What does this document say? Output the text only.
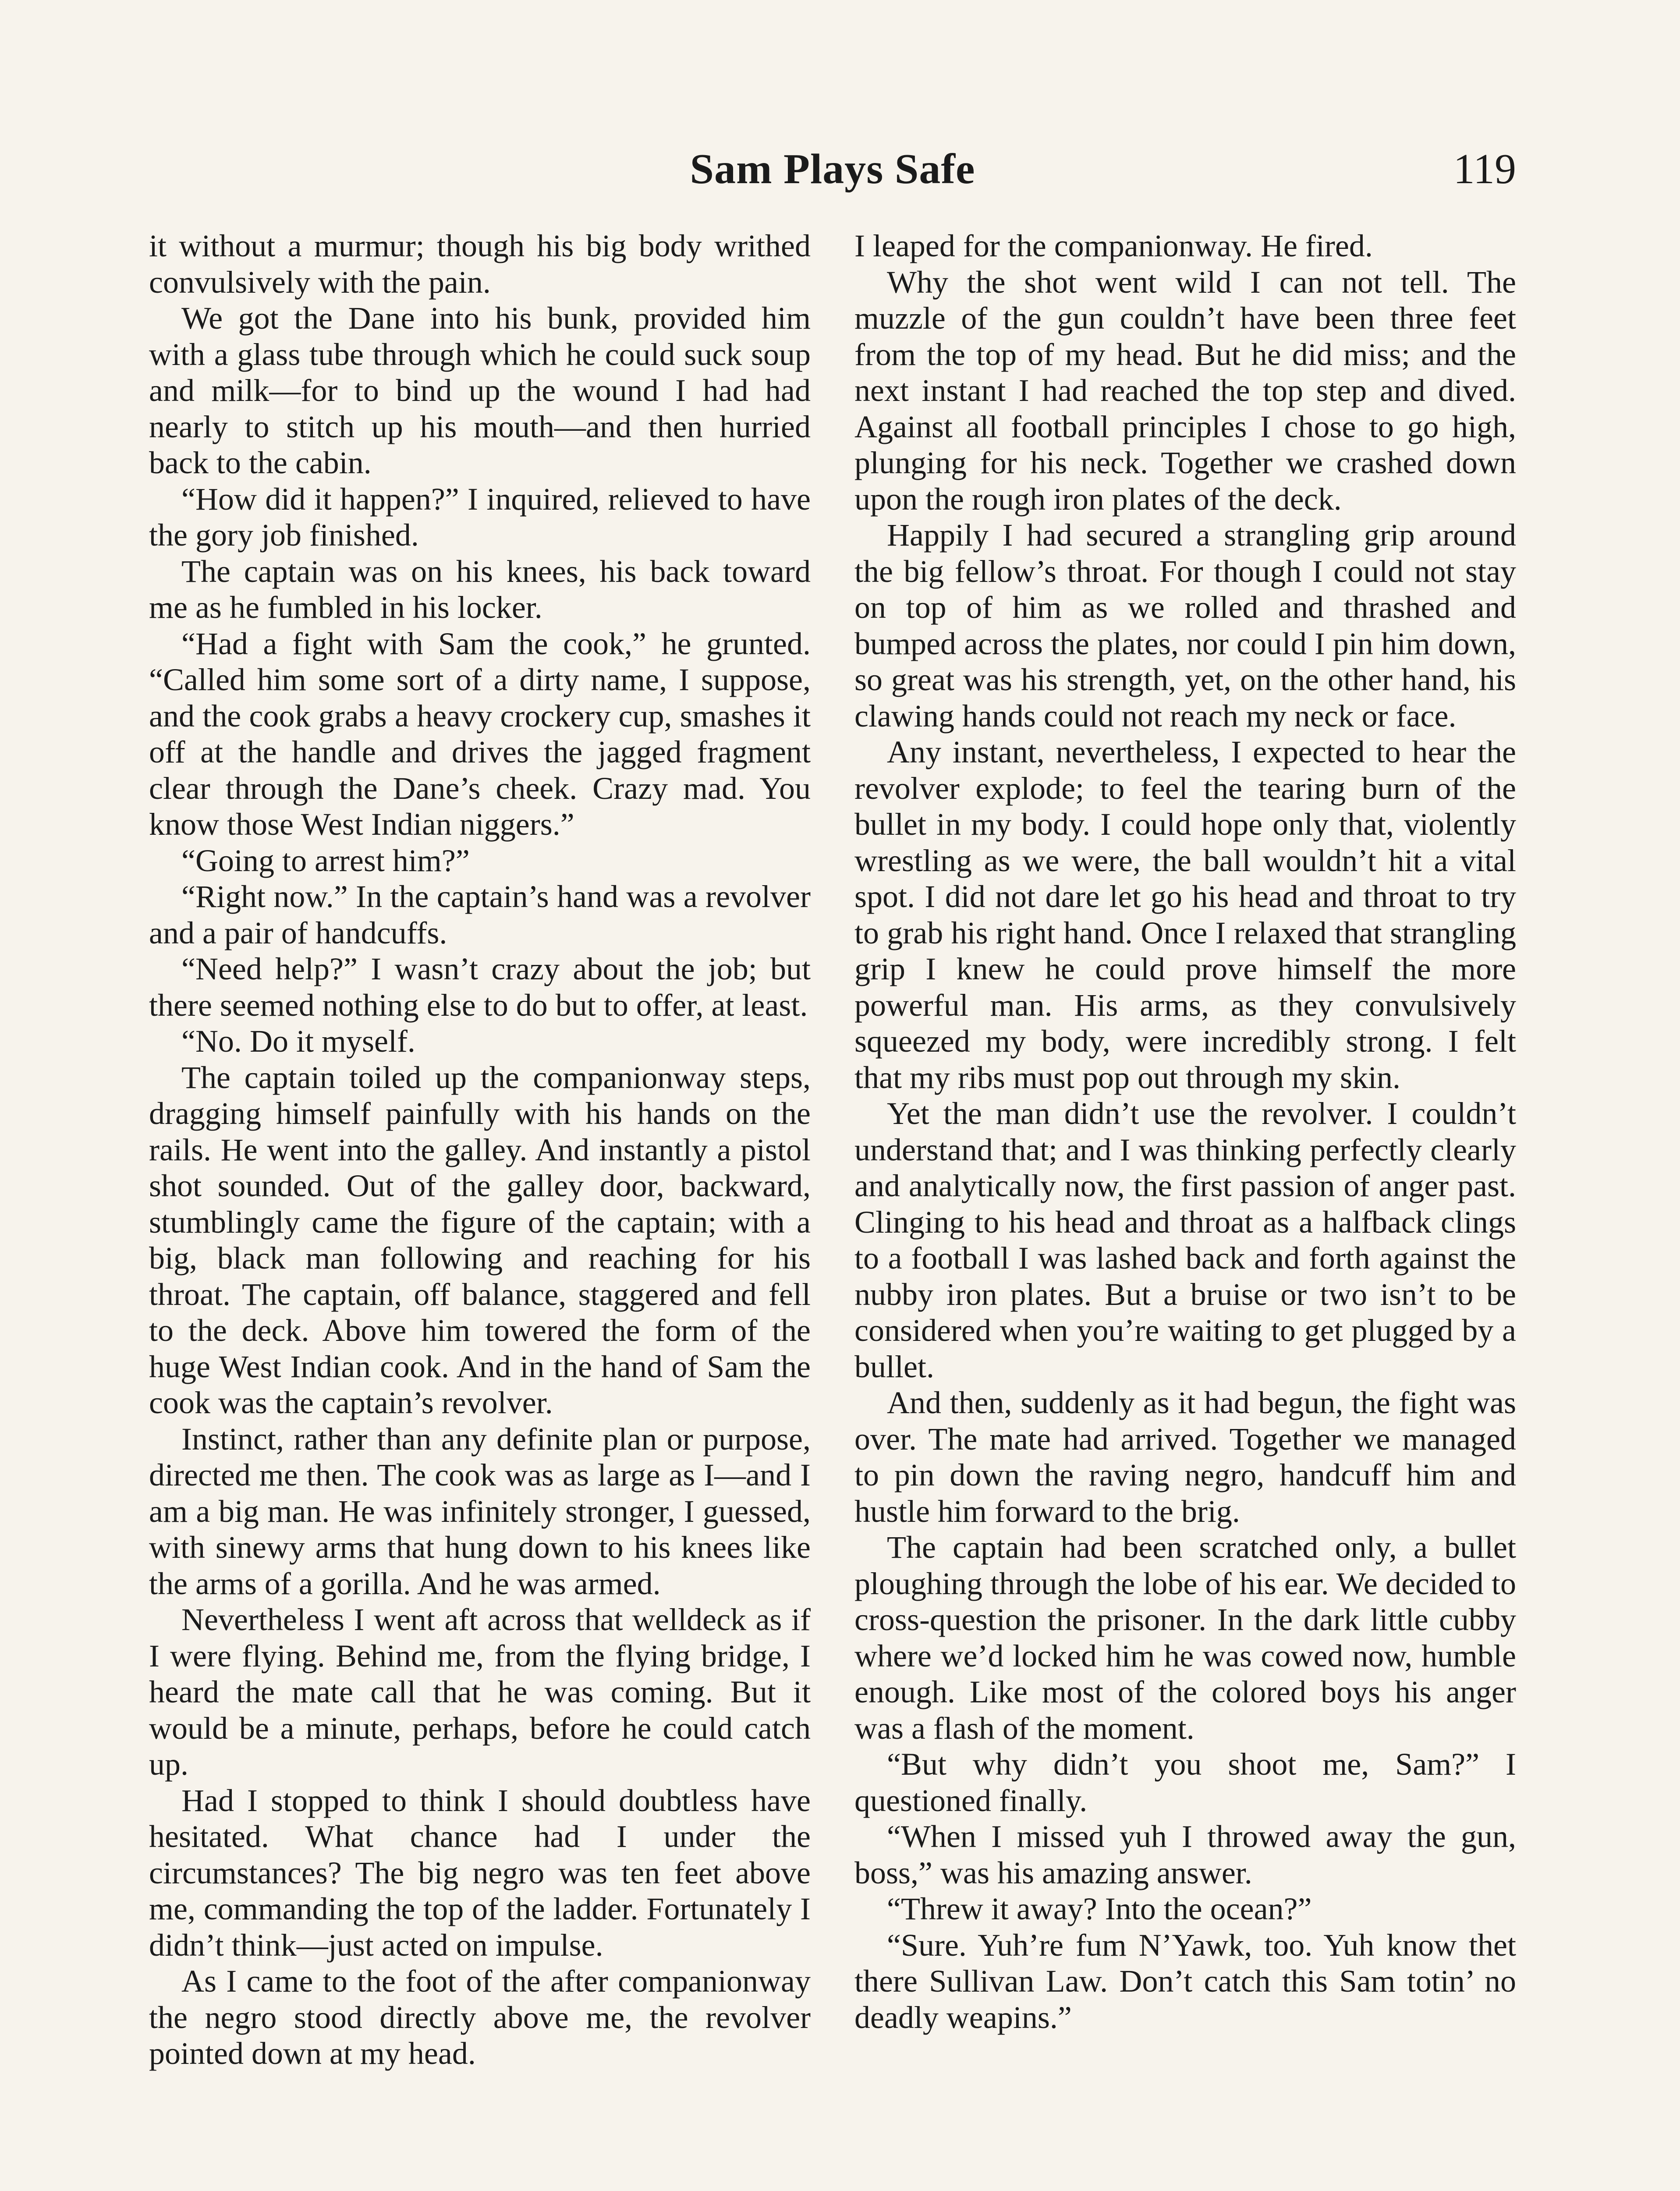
Sam Plays Safe	119

it without a murmur; though his big body writhed convulsively with the pain.

We got the Dane into his bunk, provided him with a glass tube through which he could suck soup and milk—for to bind up the wound I had had nearly to stitch up his mouth—and then hurried back to the cabin.

“How did it happen?” I inquired, relieved to have the gory job finished.

The captain was on his knees, his back toward me as he fumbled in his locker.

“Had a fight with Sam the cook,” he grunted. “Called him some sort of a dirty name, I suppose, and the cook grabs a heavy crockery cup, smashes it off at the handle and drives the jagged fragment clear through the Dane’s cheek. Crazy mad. You know those West Indian niggers.”

“Going to arrest him?”

“Right now.” In the captain’s hand was a revolver and a pair of handcuffs.

“Need help?” I wasn’t crazy about the job; but there seemed nothing else to do but to offer, at least.

“No. Do it myself.

The captain toiled up the companionway steps, dragging himself painfully with his hands on the rails. He went into the galley. And instantly a pistol shot sounded. Out of the galley door, backward, stumblingly came the figure of the captain; with a big, black man following and reaching for his throat. The captain, off balance, staggered and fell to the deck. Above him towered the form of the huge West Indian cook. And in the hand of Sam the cook was the captain’s revolver.

Instinct, rather than any definite plan or purpose, directed me then. The cook was as large as I—and I am a big man. He was infinitely stronger, I guessed, with sinewy arms that hung down to his knees like the arms of a gorilla. And he was armed.

Nevertheless I went aft across that welldeck as if I were flying. Behind me, from the flying bridge, I heard the mate call that he was coming. But it would be a minute, perhaps, before he could catch up.

Had I stopped to think I should doubtless have hesitated. What chance had I under the circumstances? The big negro was ten feet above me, commanding the top of the ladder. Fortunately I didn’t think—just acted on impulse.

As I came to the foot of the after companionway the negro stood directly above me, the revolver pointed down at my head.

I leaped for the companionway. He fired.

Why the shot went wild I can not tell. The muzzle of the gun couldn’t have been three feet from the top of my head. But he did miss; and the next instant I had reached the top step and dived. Against all football principles I chose to go high, plunging for his neck. Together we crashed down upon the rough iron plates of the deck.

Happily I had secured a strangling grip around the big fellow’s throat. For though I could not stay on top of him as we rolled and thrashed and bumped across the plates, nor could I pin him down, so great was his strength, yet, on the other hand, his clawing hands could not reach my neck or face.

Any instant, nevertheless, I expected to hear the revolver explode; to feel the tearing burn of the bullet in my body. I could hope only that, violently wrestling as we were, the ball wouldn’t hit a vital spot. I did not dare let go his head and throat to try to grab his right hand. Once I relaxed that strangling grip I knew he could prove himself the more powerful man. His arms, as they convulsively squeezed my body, were incredibly strong. I felt that my ribs must pop out through my skin.

Yet the man didn’t use the revolver. I couldn’t understand that; and I was thinking perfectly clearly and analytically now, the first passion of anger past. Clinging to his head and throat as a halfback clings to a football I was lashed back and forth against the nubby iron plates. But a bruise or two isn’t to be considered when you’re waiting to get plugged by a bullet.

And then, suddenly as it had begun, the fight was over. The mate had arrived. Together we managed to pin down the raving negro, handcuff him and hustle him forward to the brig.

The captain had been scratched only, a bullet ploughing through the lobe of his ear. We decided to cross-question the prisoner. In the dark little cubby where we’d locked him he was cowed now, humble enough. Like most of the colored boys his anger was a flash of the moment.

“But why didn’t you shoot me, Sam?” I questioned finally.

“When I missed yuh I throwed away the gun, boss,” was his amazing answer.

“Threw it away? Into the ocean?”

“Sure. Yuh’re fum N’Yawk, too. Yuh know thet there Sullivan Law. Don’t catch this Sam totin’ no deadly weapins.”
